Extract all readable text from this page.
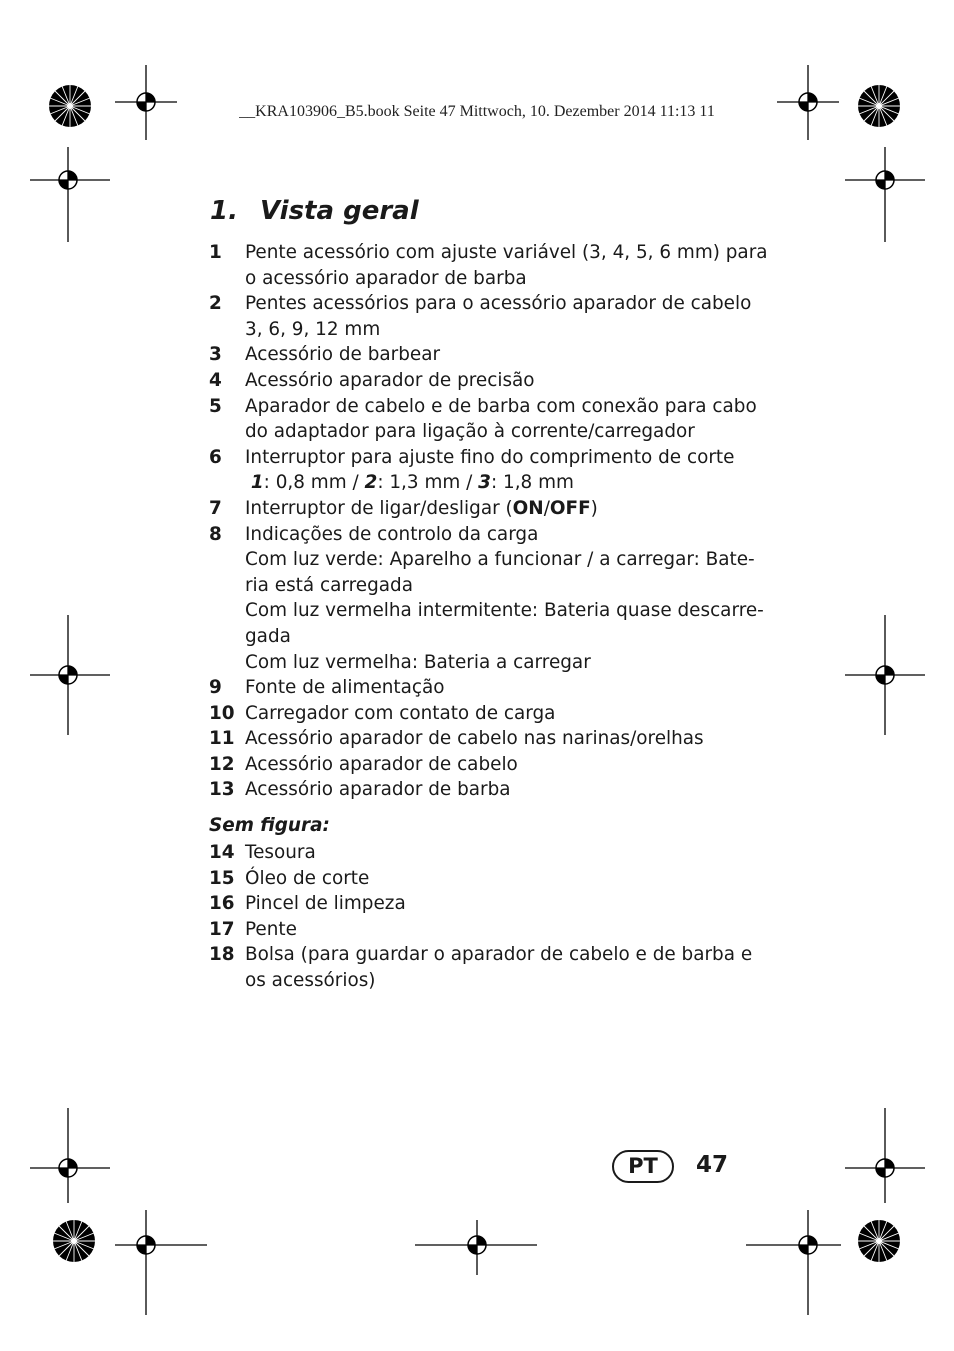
__KRA103906_B5.book Seite 47 Mittwoch, 10. Dezember 2014 11:13 11
1. Vista geral
1	Pente acessório com ajuste variável (3, 4, 5, 6 mm) para
o acessório aparador de barba
2	Pentes acessórios para o acessório aparador de cabelo
3, 6, 9, 12 mm
3	Acessório de barbear
4	Acessório aparador de precisão
5	Aparador de cabelo e de barba com conexão para cabo
do adaptador para ligação à corrente/carregador
6	Interruptor para ajuste fino do comprimento de corte
1: 0,8 mm / 2: 1,3 mm / 3: 1,8 mm
7	Interruptor de ligar/desligar (ON/OFF)
8	Indicações de controlo da carga
Com luz verde: Aparelho a funcionar / a carregar: Bate-
ria está carregada
Com luz vermelha intermitente: Bateria quase descarre-
gada
Com luz vermelha: Bateria a carregar
9	Fonte de alimentação
10 Carregador com contato de carga
11 Acessório aparador de cabelo nas narinas/orelhas
12 Acessório aparador de cabelo
13 Acessório aparador de barba
Sem figura:
14 Tesoura
15 Óleo de corte
16 Pincel de limpeza
17 Pente
18 Bolsa (para guardar o aparador de cabelo e de barba e
os acessórios)
PT	47
